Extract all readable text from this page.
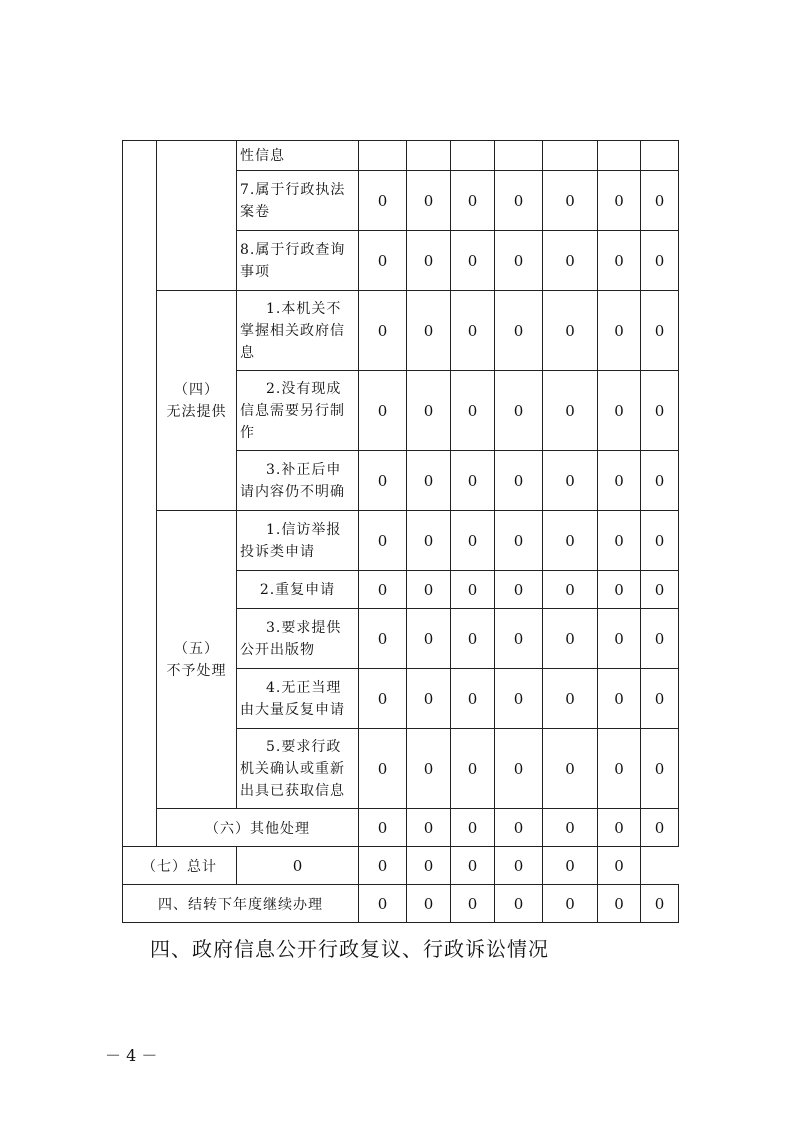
		性信息							

		7.属于行政执法
案卷	0	0	0	0	0	0	0

		8.属于行政查询
事项	0	0	0	0	0	0	0

	（四）
无法提供	1.本机关不
掌握相关政府信
息	0	0	0	0	0	0	0

		2.没有现成
信息需要另行制
作	0	0	0	0	0	0	0

		3.补正后申
请内容仍不明确	0	0	0	0	0	0	0

	（五）
不予处理	1.信访举报
投诉类申请	0	0	0	0	0	0	0

		2.重复申请	0	0	0	0	0	0	0

		3.要求提供
公开出版物	0	0	0	0	0	0	0

		4.无正当理
由大量反复申请	0	0	0	0	0	0	0

		5.要求行政
机关确认或重新
出具已获取信息	0	0	0	0	0	0	0
	（六）其他处理		0	0	0	0	0	0	0
（七）总计		0	0	0	0	0	0	0	
四、结转下年度继续办理			0	0	0	0	0	0	0
四、政府信息公开行政复议、行政诉讼情况
－ 4 －
